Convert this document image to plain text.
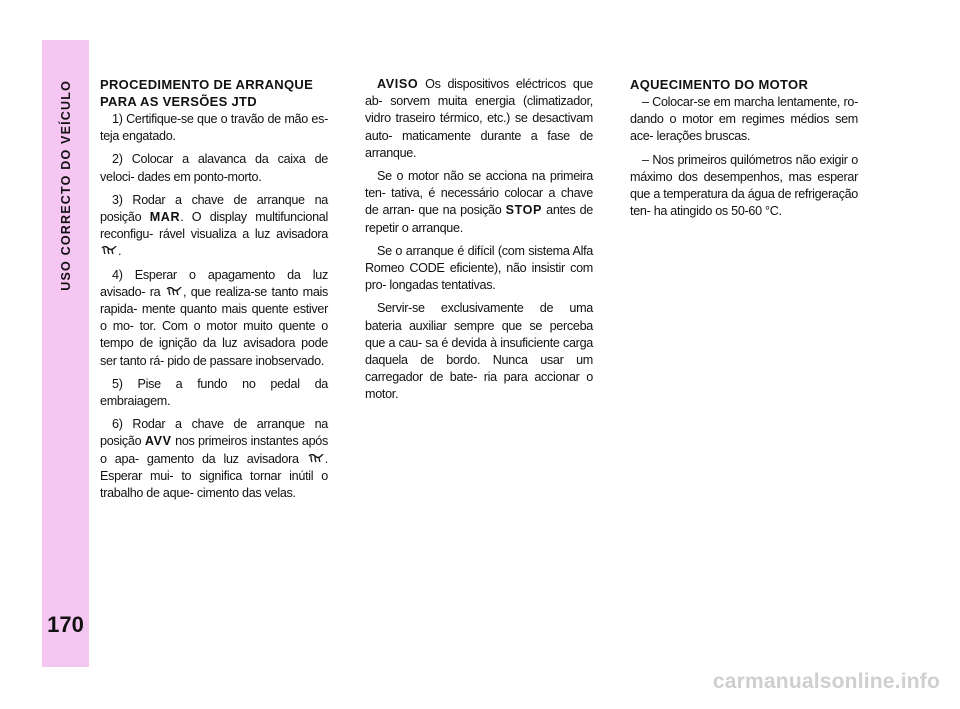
USO CORRECTO DO VEÍCULO
170
PROCEDIMENTO DE ARRANQUE PARA AS VERSÕES JTD

1) Certifique-se que o travão de mão es- teja engatado.

2) Colocar a alavanca da caixa de veloci- dades em ponto-morto.

3) Rodar a chave de arranque na posição MAR. O display multifuncional reconfigu- rável visualiza a luz avisadora .

4) Esperar o apagamento da luz avisado- ra , que realiza-se tanto mais rapida- mente quanto mais quente estiver o mo- tor. Com o motor muito quente o tempo de ignição da luz avisadora pode ser tanto rá- pido de passare inobservado.

5) Pise a fundo no pedal da embraiagem.

6) Rodar a chave de arranque na posição AVV nos primeiros instantes após o apa- gamento da luz avisadora . Esperar mui- to significa tornar inútil o trabalho de aque- cimento das velas.

AVISO Os dispositivos eléctricos que ab- sorvem muita energia (climatizador, vidro traseiro térmico, etc.) se desactivam auto- maticamente durante a fase de arranque.

Se o motor não se acciona na primeira ten- tativa, é necessário colocar a chave de arran- que na posição STOP antes de repetir o arranque.

Se o arranque é difícil (com sistema Alfa Romeo CODE eficiente), não insistir com pro- longadas tentativas.

Servir-se exclusivamente de uma bateria auxiliar sempre que se perceba que a cau- sa é devida à insuficiente carga daquela de bordo. Nunca usar um carregador de bate- ria para accionar o motor.

AQUECIMENTO DO MOTOR

– Colocar-se em marcha lentamente, ro- dando o motor em regimes médios sem ace- lerações bruscas.

– Nos primeiros quilómetros não exigir o máximo dos desempenhos, mas esperar que a temperatura da água de refrigeração ten- ha atingido os 50-60 °C.

carmanualsonline.info
